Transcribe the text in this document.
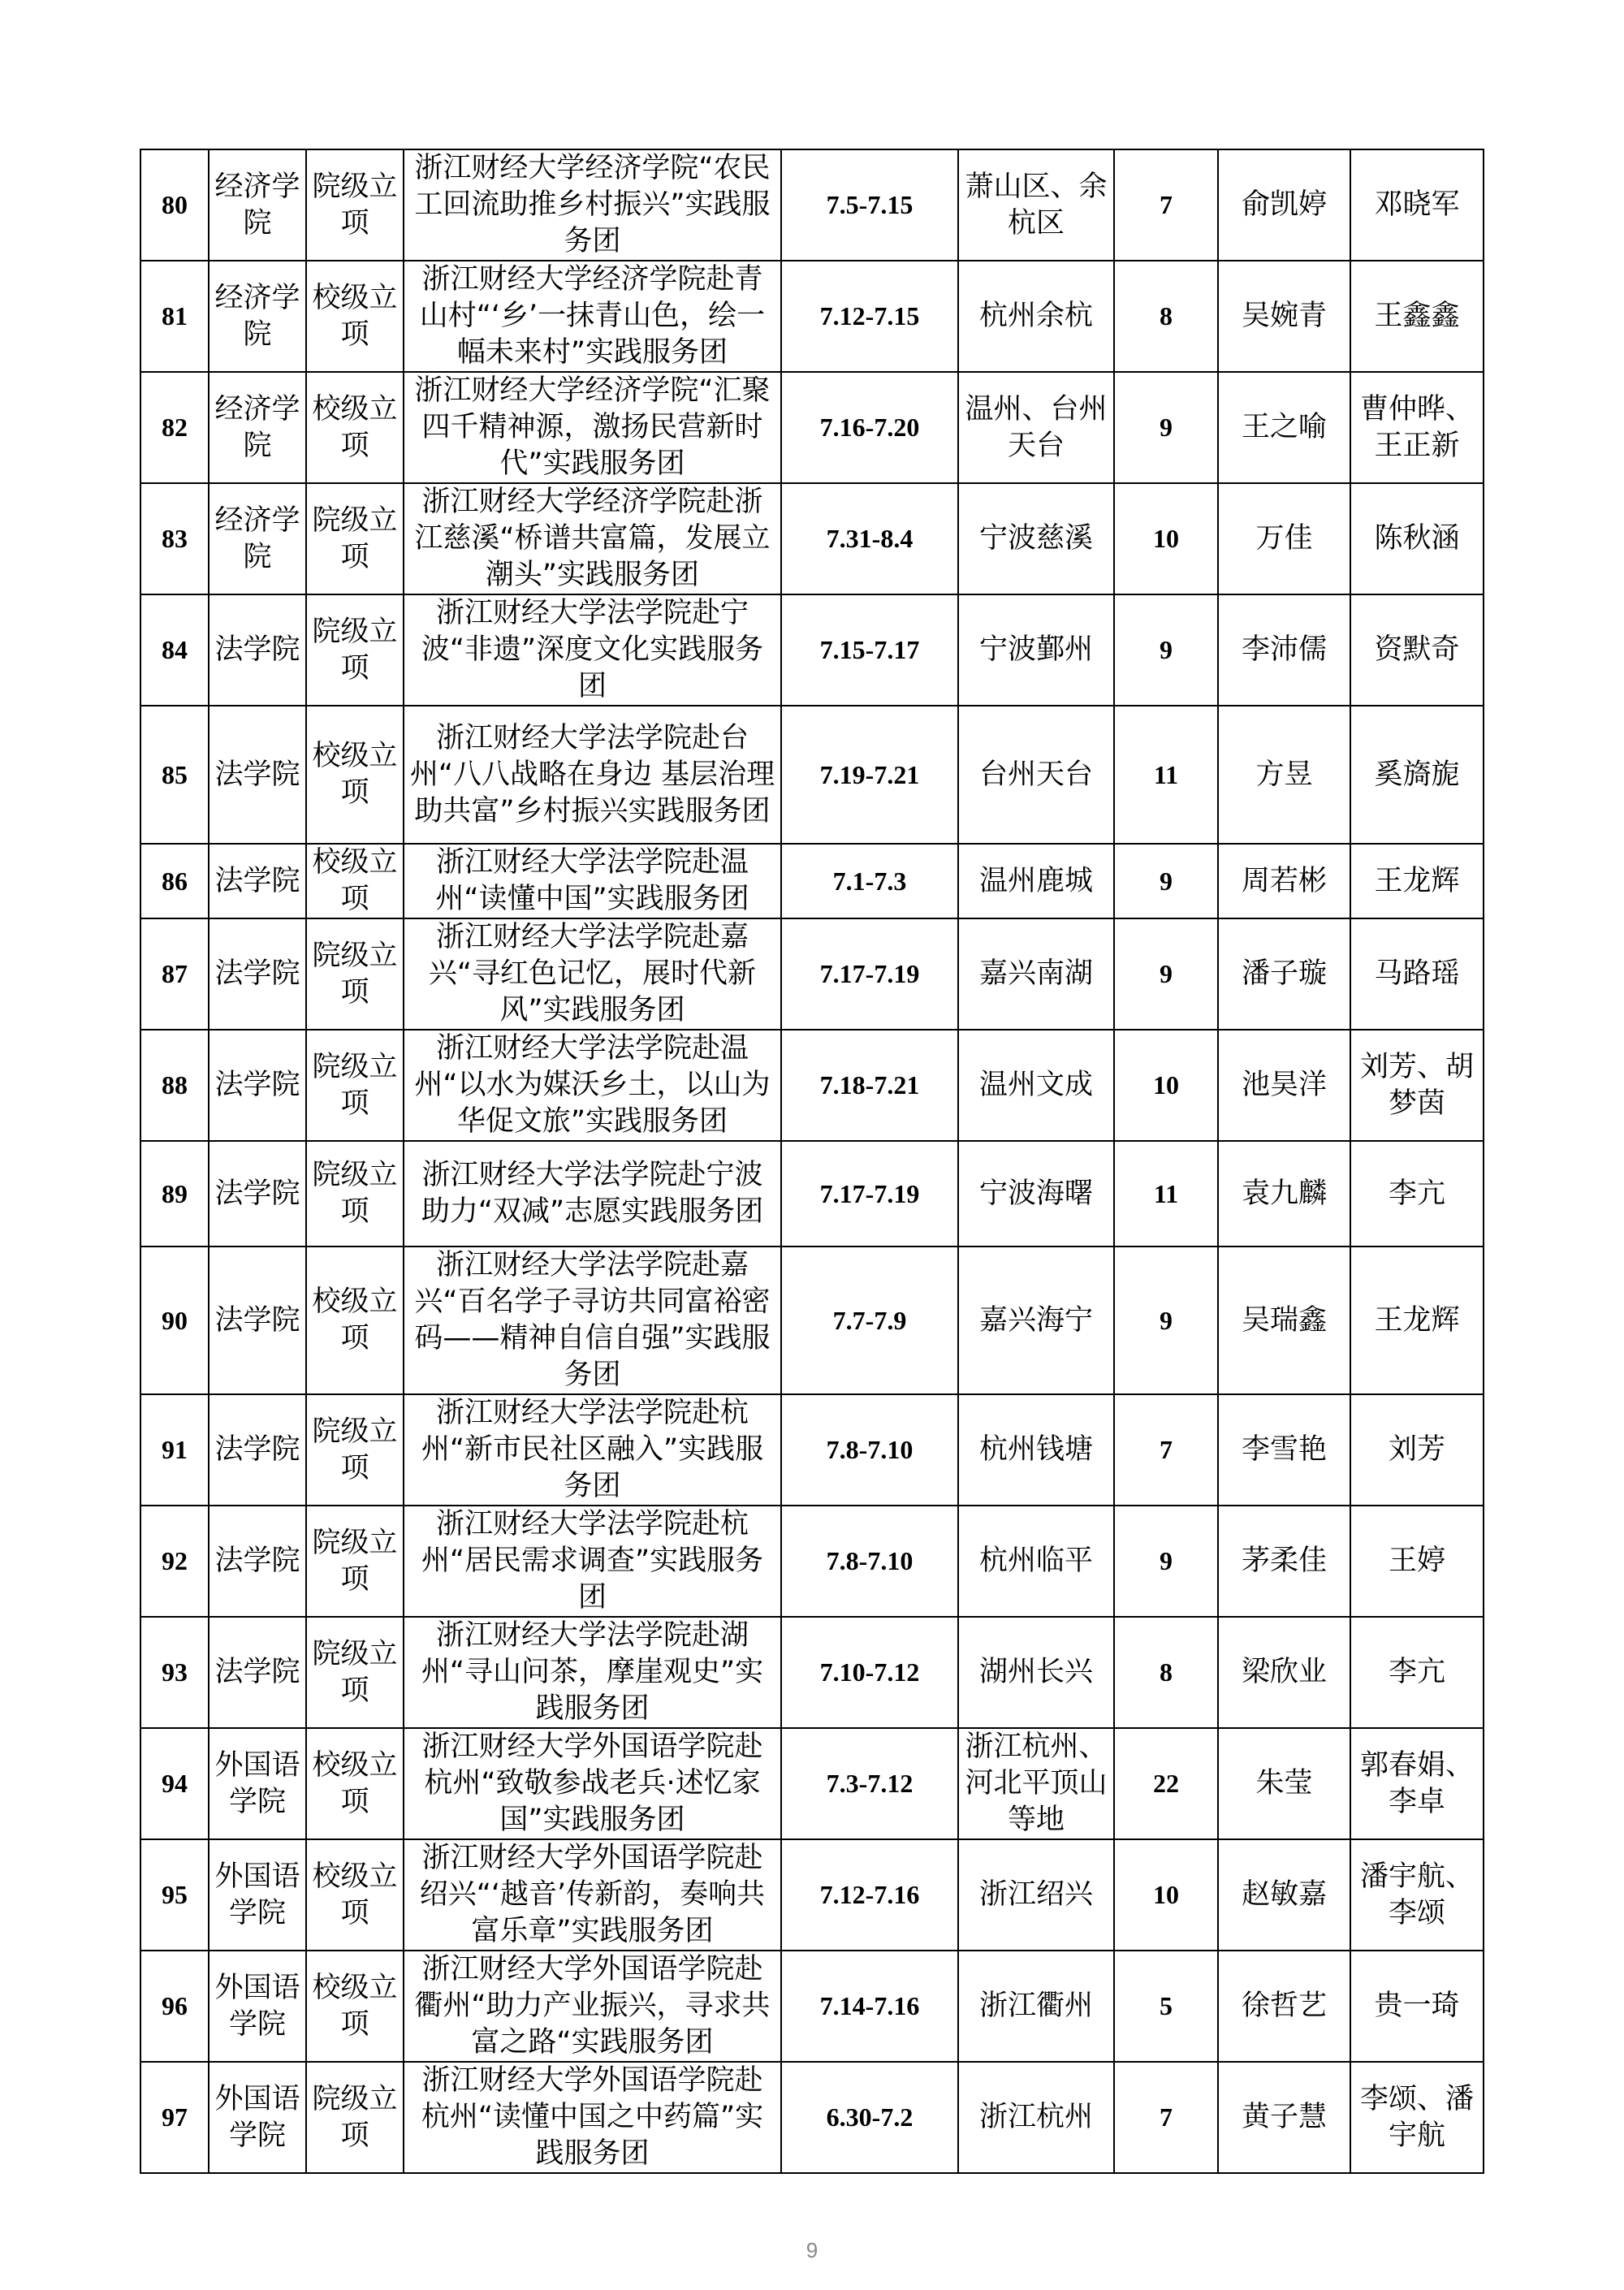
80	经济学院	院级立项	浙江财经大学经济学院“农民工回流助推乡村振兴”实践服务团	7.5-7.15	萧山区、余杭区	7	俞凯婷	邓晓军
81	经济学院	校级立项	浙江财经大学经济学院赴青山村“‘乡’一抹青山色，绘一幅未来村”实践服务团	7.12-7.15	杭州余杭	8	吴婉青	王鑫鑫
82	经济学院	校级立项	浙江财经大学经济学院“汇聚四千精神源，激扬民营新时代”实践服务团	7.16-7.20	温州、台州天台	9	王之喻	曹仲晔、王正新
83	经济学院	院级立项	浙江财经大学经济学院赴浙江慈溪“桥谱共富篇，发展立潮头”实践服务团	7.31-8.4	宁波慈溪	10	万佳	陈秋涵
84	法学院	院级立项	浙江财经大学法学院赴宁波“非遗”深度文化实践服务团	7.15-7.17	宁波鄞州	9	李沛儒	资默奇
85	法学院	校级立项	浙江财经大学法学院赴台州“八八战略在身边 基层治理助共富”乡村振兴实践服务团	7.19-7.21	台州天台	11	方昱	奚旖旎
86	法学院	校级立项	浙江财经大学法学院赴温州“读懂中国”实践服务团	7.1-7.3	温州鹿城	9	周若彬	王龙辉
87	法学院	院级立项	浙江财经大学法学院赴嘉兴“寻红色记忆，展时代新风”实践服务团	7.17-7.19	嘉兴南湖	9	潘子璇	马路瑶
88	法学院	院级立项	浙江财经大学法学院赴温州“以水为媒沃乡土，以山为华促文旅”实践服务团	7.18-7.21	温州文成	10	池昊洋	刘芳、胡梦茵
89	法学院	院级立项	浙江财经大学法学院赴宁波助力“双减”志愿实践服务团	7.17-7.19	宁波海曙	11	袁九麟	李亢
90	法学院	校级立项	浙江财经大学法学院赴嘉兴“百名学子寻访共同富裕密码——精神自信自强”实践服务团	7.7-7.9	嘉兴海宁	9	吴瑞鑫	王龙辉
91	法学院	院级立项	浙江财经大学法学院赴杭州“新市民社区融入”实践服务团	7.8-7.10	杭州钱塘	7	李雪艳	刘芳
92	法学院	院级立项	浙江财经大学法学院赴杭州“居民需求调查”实践服务团	7.8-7.10	杭州临平	9	茅柔佳	王婷
93	法学院	院级立项	浙江财经大学法学院赴湖州“寻山问茶，摩崖观史”实践服务团	7.10-7.12	湖州长兴	8	梁欣业	李亢
94	外国语学院	校级立项	浙江财经大学外国语学院赴杭州“致敬参战老兵·述忆家国”实践服务团	7.3-7.12	浙江杭州、河北平顶山等地	22	朱莹	郭春娟、李卓
95	外国语学院	校级立项	浙江财经大学外国语学院赴绍兴“‘越音’传新韵，奏响共富乐章”实践服务团	7.12-7.16	浙江绍兴	10	赵敏嘉	潘宇航、李颂
96	外国语学院	校级立项	浙江财经大学外国语学院赴衢州“助力产业振兴，寻求共富之路“实践服务团	7.14-7.16	浙江衢州	5	徐哲艺	贵一琦
97	外国语学院	院级立项	浙江财经大学外国语学院赴杭州“读懂中国之中药篇”实践服务团	6.30-7.2	浙江杭州	7	黄子慧	李颂、潘宇航
9
